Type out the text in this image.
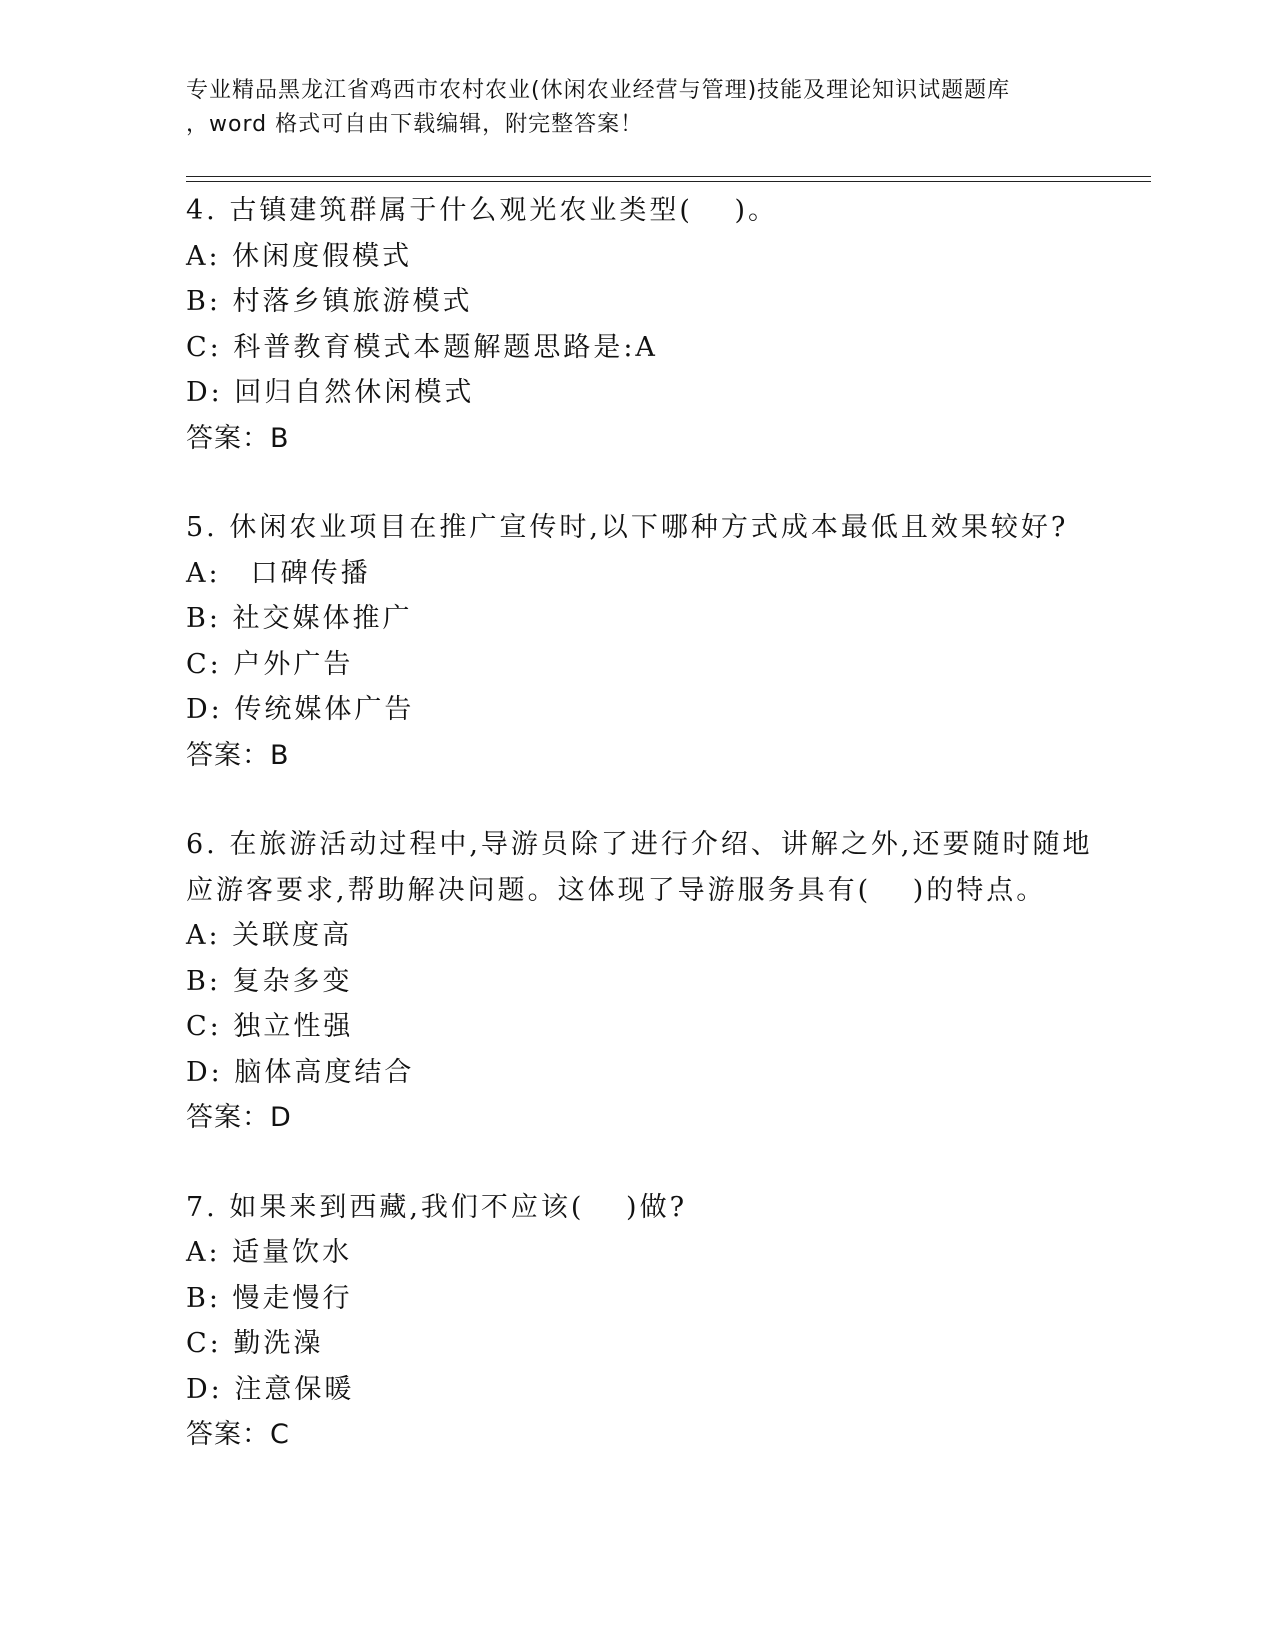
专业精品黑龙江省鸡西市农村农业(休闲农业经营与管理)技能及理论知识试题题库
，word 格式可自由下载编辑，附完整答案！
4. 古镇建筑群属于什么观光农业类型(　 )。
A: 休闲度假模式
B: 村落乡镇旅游模式
C: 科普教育模式本题解题思路是:A
D: 回归自然休闲模式
答案：B
5. 休闲农业项目在推广宣传时,以下哪种方式成本最低且效果较好?
A:　口碑传播
B: 社交媒体推广
C: 户外广告
D: 传统媒体广告
答案：B
6. 在旅游活动过程中,导游员除了进行介绍、讲解之外,还要随时随地
应游客要求,帮助解决问题。这体现了导游服务具有(　 )的特点。
A: 关联度高
B: 复杂多变
C: 独立性强
D: 脑体高度结合
答案：D
7. 如果来到西藏,我们不应该(　 )做?
A: 适量饮水
B: 慢走慢行
C: 勤洗澡
D: 注意保暖
答案：C
